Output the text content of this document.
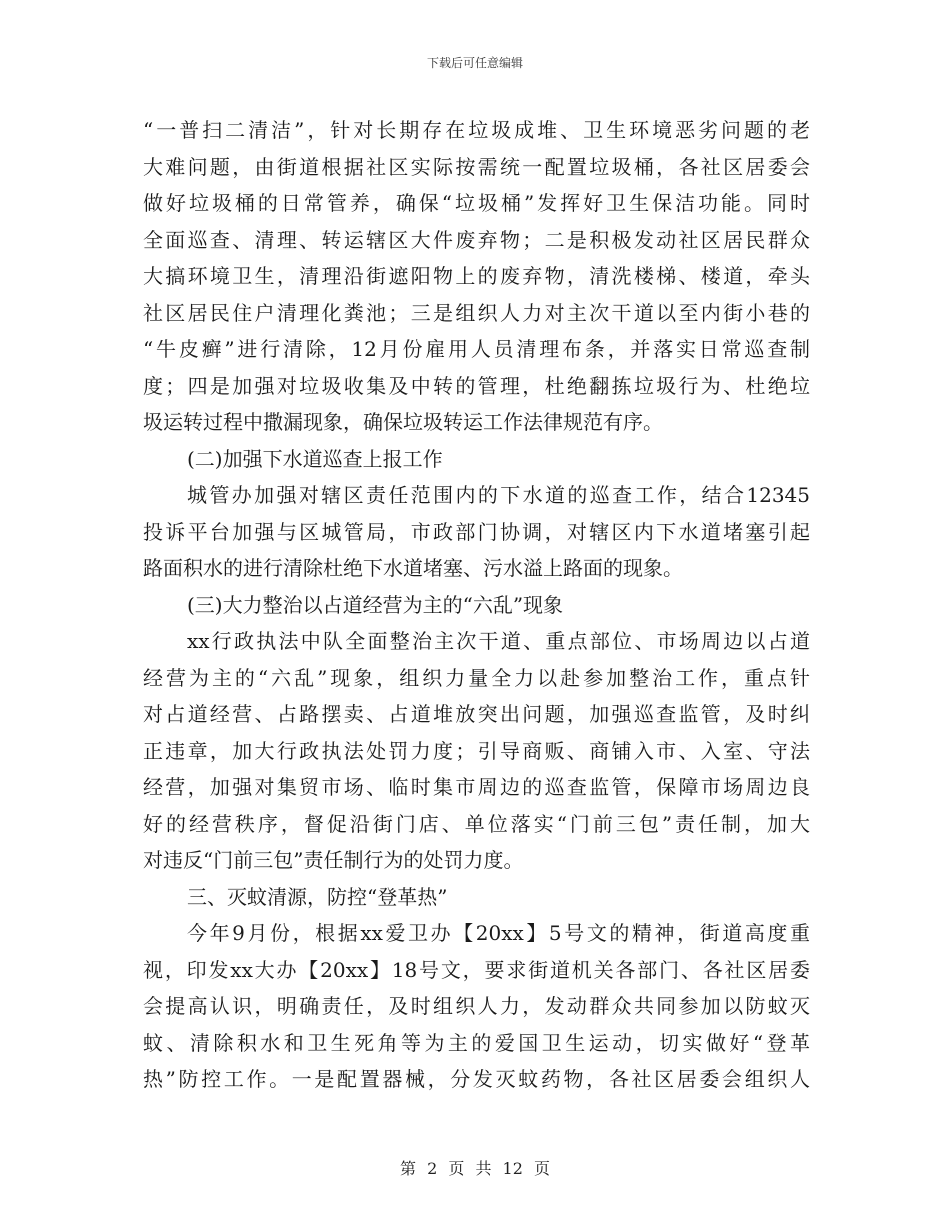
下载后可任意编辑
“一普扫二清洁”，针对长期存在垃圾成堆、卫生环境恶劣问题的老
大难问题，由街道根据社区实际按需统一配置垃圾桶，各社区居委会
做好垃圾桶的日常管养，确保“垃圾桶”发挥好卫生保洁功能。同时
全面巡查、清理、转运辖区大件废弃物；二是积极发动社区居民群众
大搞环境卫生，清理沿街遮阳物上的废弃物，清洗楼梯、楼道，牵头
社区居民住户清理化粪池；三是组织人力对主次干道以至内街小巷的
“牛皮癣”进行清除，12月份雇用人员清理布条，并落实日常巡查制
度；四是加强对垃圾收集及中转的管理，杜绝翻拣垃圾行为、杜绝垃
圾运转过程中撒漏现象，确保垃圾转运工作法律规范有序。
(二)加强下水道巡查上报工作
城管办加强对辖区责任范围内的下水道的巡查工作，结合12345
投诉平台加强与区城管局，市政部门协调，对辖区内下水道堵塞引起
路面积水的进行清除杜绝下水道堵塞、污水溢上路面的现象。
(三)大力整治以占道经营为主的“六乱”现象
xx行政执法中队全面整治主次干道、重点部位、市场周边以占道
经营为主的“六乱”现象，组织力量全力以赴参加整治工作，重点针
对占道经营、占路摆卖、占道堆放突出问题，加强巡查监管，及时纠
正违章，加大行政执法处罚力度；引导商贩、商铺入市、入室、守法
经营，加强对集贸市场、临时集市周边的巡查监管，保障市场周边良
好的经营秩序，督促沿街门店、单位落实“门前三包”责任制，加大
对违反“门前三包”责任制行为的处罚力度。
三、灭蚊清源，防控“登革热”
今年9月份，根据xx爱卫办【20xx】5号文的精神，街道高度重
视，印发xx大办【20xx】18号文，要求街道机关各部门、各社区居委
会提高认识，明确责任，及时组织人力，发动群众共同参加以防蚊灭
蚊、清除积水和卫生死角等为主的爱国卫生运动，切实做好“登革
热”防控工作。一是配置器械，分发灭蚊药物，各社区居委会组织人
第 2 页 共 12 页
